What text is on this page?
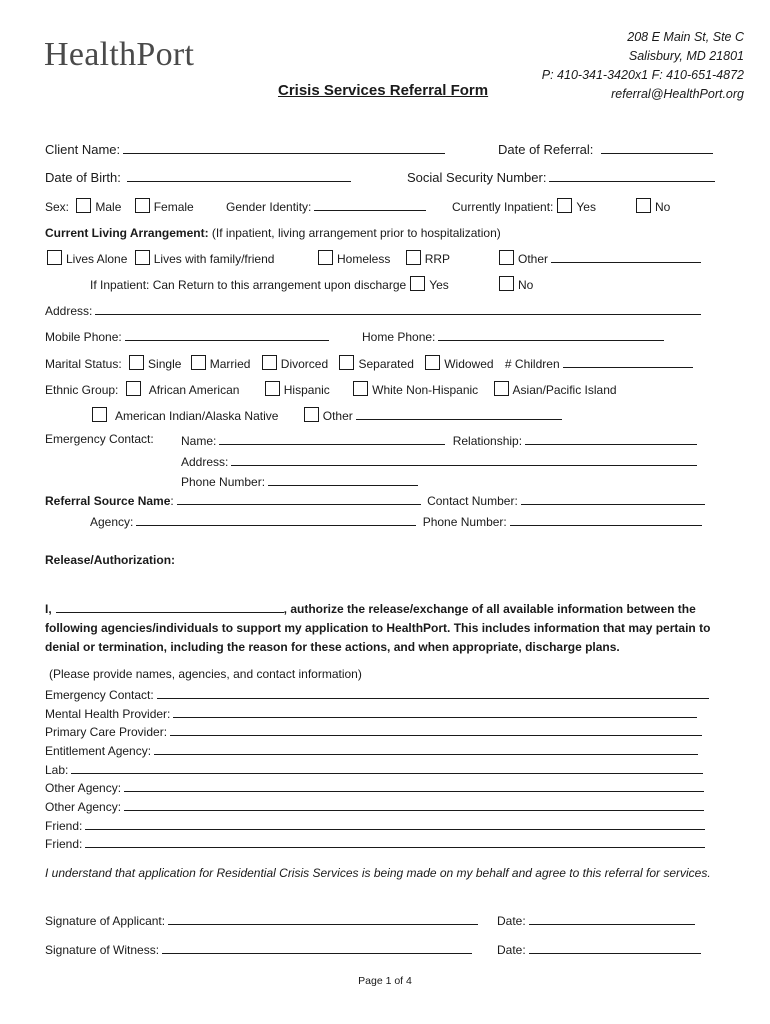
HealthPort	208 E Main St, Ste C
Salisbury, MD 21801
P: 410-341-3420x1 F: 410-651-4872
referral@HealthPort.org
Crisis Services Referral Form
Client Name:	Date of Referral:
Date of Birth:	Social Security Number:
Sex: Male	Female	Gender Identity:	Currently Inpatient: Yes	No
Current Living Arrangement: (If inpatient, living arrangement prior to hospitalization)
Lives Alone Lives with family/friend	Homeless	RRP	Other
If Inpatient: Can Return to this arrangement upon discharge Yes	No
Address:
Mobile Phone:	Home Phone:
Marital Status: Single Married	Divorced	Separated	Widowed # Children
Ethnic Group:	African American	Hispanic	White Non-Hispanic	Asian/Pacific Island
American Indian/Alaska Native	Other
Emergency Contact: Name:	Relationship:
Address:
Phone Number:
Referral Source Name:	Contact Number:
Agency:	Phone Number:
Release/Authorization:
I,	, authorize the release/exchange of all available information between the following agencies/individuals to support my application to HealthPort. This includes information that may pertain to denial or termination, including the reason for these actions, and when appropriate, discharge plans.
(Please provide names, agencies, and contact information)
Emergency Contact:
Mental Health Provider:
Primary Care Provider:
Entitlement Agency:
Lab:
Other Agency:
Other Agency:
Friend:
Friend:
I understand that application for Residential Crisis Services is being made on my behalf and agree to this referral for services.
Signature of Applicant:	Date:
Signature of Witness:	Date:
Page 1 of 4
